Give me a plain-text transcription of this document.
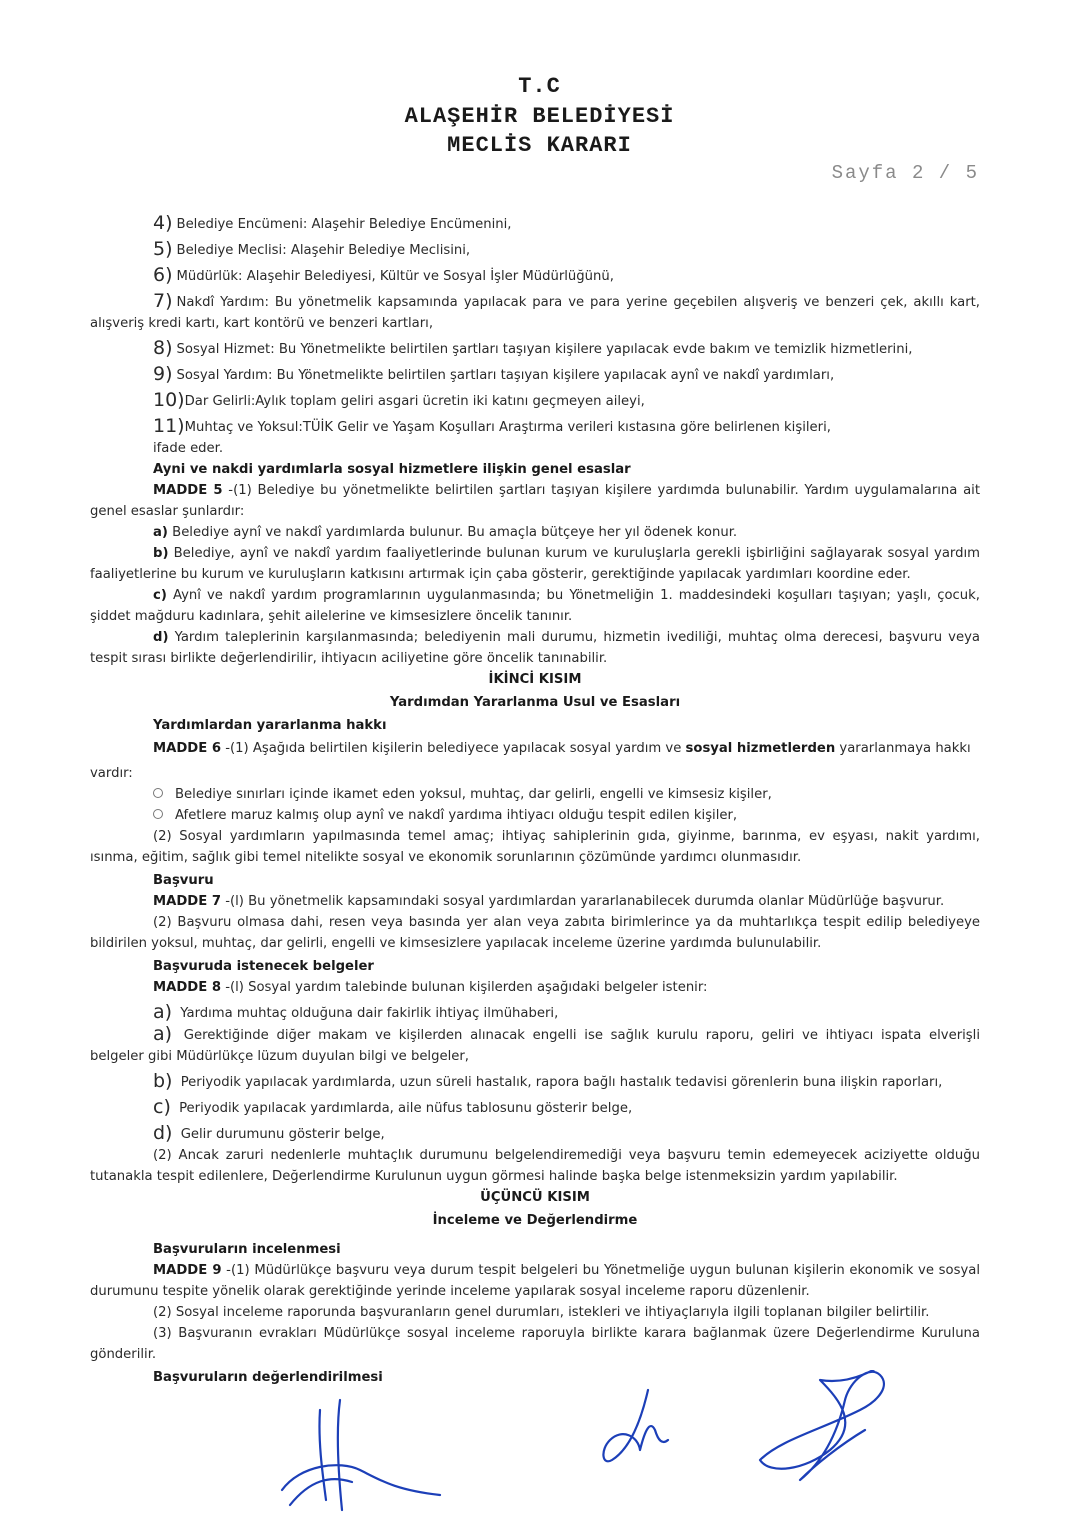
T.C
ALAŞEHİR BELEDİYESİ
MECLİS KARARI
Sayfa 2 / 5
4) Belediye Encümeni: Alaşehir Belediye Encümenini,
5) Belediye Meclisi: Alaşehir Belediye Meclisini,
6) Müdürlük: Alaşehir Belediyesi, Kültür ve Sosyal İşler Müdürlüğünü,
7) Nakdî Yardım: Bu yönetmelik kapsamında yapılacak para ve para yerine geçebilen alışveriş ve benzeri çek, akıllı kart, alışveriş kredi kartı, kart kontörü ve benzeri kartları,
8) Sosyal Hizmet: Bu Yönetmelikte belirtilen şartları taşıyan kişilere yapılacak evde bakım ve temizlik hizmetlerini,
9) Sosyal Yardım: Bu Yönetmelikte belirtilen şartları taşıyan kişilere yapılacak aynî ve nakdî yardımları,
10)Dar Gelirli:Aylık toplam geliri asgari ücretin iki katını geçmeyen aileyi,
11)Muhtaç ve Yoksul:TÜİK Gelir ve Yaşam Koşulları Araştırma verileri kıstasına göre belirlenen kişileri,
ifade eder.
Ayni ve nakdi yardımlarla sosyal hizmetlere ilişkin genel esaslar
MADDE 5 -(1) Belediye bu yönetmelikte belirtilen şartları taşıyan kişilere yardımda bulunabilir. Yardım uygulamalarına ait genel esaslar şunlardır:
a) Belediye aynî ve nakdî yardımlarda bulunur. Bu amaçla bütçeye her yıl ödenek konur.
b) Belediye, aynî ve nakdî yardım faaliyetlerinde bulunan kurum ve kuruluşlarla gerekli işbirliğini sağlayarak sosyal yardım faaliyetlerine bu kurum ve kuruluşların katkısını artırmak için çaba gösterir, gerektiğinde yapılacak yardımları koordine eder.
c) Aynî ve nakdî yardım programlarının uygulanmasında; bu Yönetmeliğin 1. maddesindeki koşulları taşıyan; yaşlı, çocuk, şiddet mağduru kadınlara, şehit ailelerine ve kimsesizlere öncelik tanınır.
d) Yardım taleplerinin karşılanmasında; belediyenin mali durumu, hizmetin ivediliği, muhtaç olma derecesi, başvuru veya tespit sırası birlikte değerlendirilir, ihtiyacın aciliyetine göre öncelik tanınabilir.
İKİNCİ KISIM
Yardımdan Yararlanma Usul ve Esasları
Yardımlardan yararlanma hakkı
MADDE 6 -(1) Aşağıda belirtilen kişilerin belediyece yapılacak sosyal yardım ve sosyal hizmetlerden yararlanmaya hakkı
vardır:
Belediye sınırları içinde ikamet eden yoksul, muhtaç, dar gelirli, engelli ve kimsesiz kişiler,
Afetlere maruz kalmış olup aynî ve nakdî yardıma ihtiyacı olduğu tespit edilen kişiler,
(2) Sosyal yardımların yapılmasında temel amaç; ihtiyaç sahiplerinin gıda, giyinme, barınma, ev eşyası, nakit yardımı, ısınma, eğitim, sağlık gibi temel nitelikte sosyal ve ekonomik sorunlarının çözümünde yardımcı olunmasıdır.
Başvuru
MADDE 7 -(l) Bu yönetmelik kapsamındaki sosyal yardımlardan yararlanabilecek durumda olanlar Müdürlüğe başvurur.
(2) Başvuru olmasa dahi, resen veya basında yer alan veya zabıta birimlerince ya da muhtarlıkça tespit edilip belediyeye bildirilen yoksul, muhtaç, dar gelirli, engelli ve kimsesizlere yapılacak inceleme üzerine yardımda bulunulabilir.
Başvuruda istenecek belgeler
MADDE 8 -(l) Sosyal yardım talebinde bulunan kişilerden aşağıdaki belgeler istenir:
a) Yardıma muhtaç olduğuna dair fakirlik ihtiyaç ilmühaberi,
a) Gerektiğinde diğer makam ve kişilerden alınacak engelli ise sağlık kurulu raporu, geliri ve ihtiyacı ispata elverişli belgeler gibi Müdürlükçe lüzum duyulan bilgi ve belgeler,
b) Periyodik yapılacak yardımlarda, uzun süreli hastalık, rapora bağlı hastalık tedavisi görenlerin buna ilişkin raporları,
c) Periyodik yapılacak yardımlarda, aile nüfus tablosunu gösterir belge,
d) Gelir durumunu gösterir belge,
(2) Ancak zaruri nedenlerle muhtaçlık durumunu belgelendiremediği veya başvuru temin edemeyecek aciziyette olduğu tutanakla tespit edilenlere, Değerlendirme Kurulunun uygun görmesi halinde başka belge istenmeksizin yardım yapılabilir.
ÜÇÜNCÜ KISIM
İnceleme ve Değerlendirme
Başvuruların incelenmesi
MADDE 9 -(1) Müdürlükçe başvuru veya durum tespit belgeleri bu Yönetmeliğe uygun bulunan kişilerin ekonomik ve sosyal durumunu tespite yönelik olarak gerektiğinde yerinde inceleme yapılarak sosyal inceleme raporu düzenlenir.
(2) Sosyal inceleme raporunda başvuranların genel durumları, istekleri ve ihtiyaçlarıyla ilgili toplanan bilgiler belirtilir.
(3) Başvuranın evrakları Müdürlükçe sosyal inceleme raporuyla birlikte karara bağlanmak üzere Değerlendirme Kuruluna gönderilir.
Başvuruların değerlendirilmesi
